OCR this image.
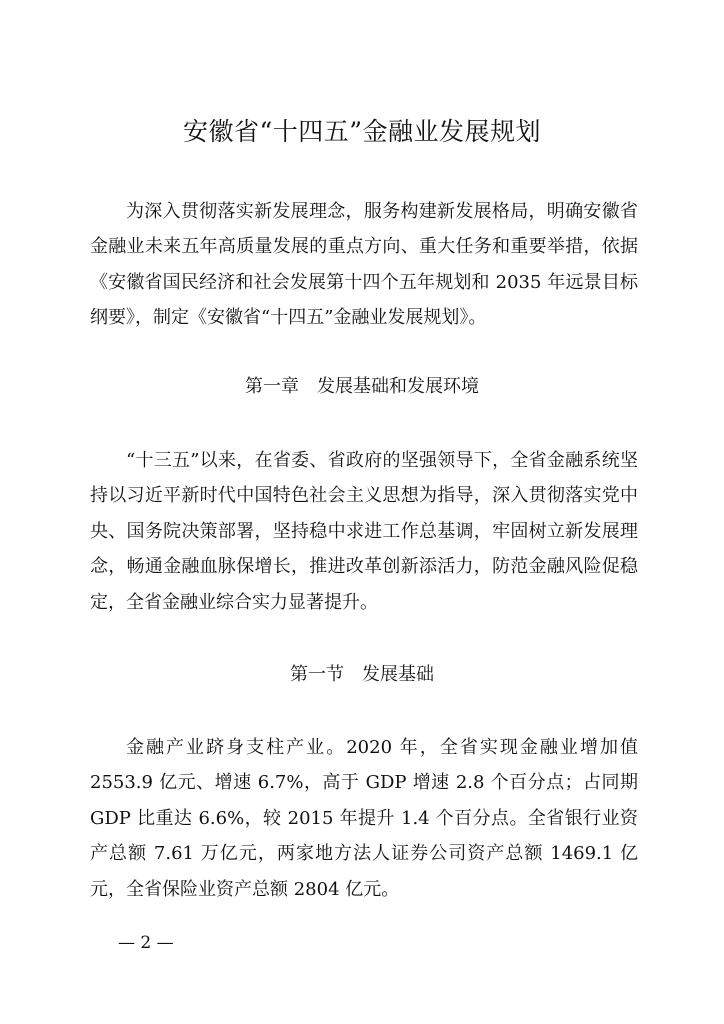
安徽省“十四五”金融业发展规划

为深入贯彻落实新发展理念，服务构建新发展格局，明确安徽省金融业未来五年高质量发展的重点方向、重大任务和重要举措，依据《安徽省国民经济和社会发展第十四个五年规划和 2035 年远景目标纲要》，制定《安徽省“十四五”金融业发展规划》。

第一章　发展基础和发展环境

“十三五”以来，在省委、省政府的坚强领导下，全省金融系统坚持以习近平新时代中国特色社会主义思想为指导，深入贯彻落实党中央、国务院决策部署，坚持稳中求进工作总基调，牢固树立新发展理念，畅通金融血脉保增长，推进改革创新添活力，防范金融风险促稳定，全省金融业综合实力显著提升。

第一节　发展基础

金融产业跻身支柱产业。2020 年，全省实现金融业增加值 2553.9 亿元、增速 6.7%，高于 GDP 增速 2.8 个百分点；占同期 GDP 比重达 6.6%，较 2015 年提升 1.4 个百分点。全省银行业资产总额 7.61 万亿元，两家地方法人证券公司资产总额 1469.1 亿元，全省保险业资产总额 2804 亿元。

— 2 —
